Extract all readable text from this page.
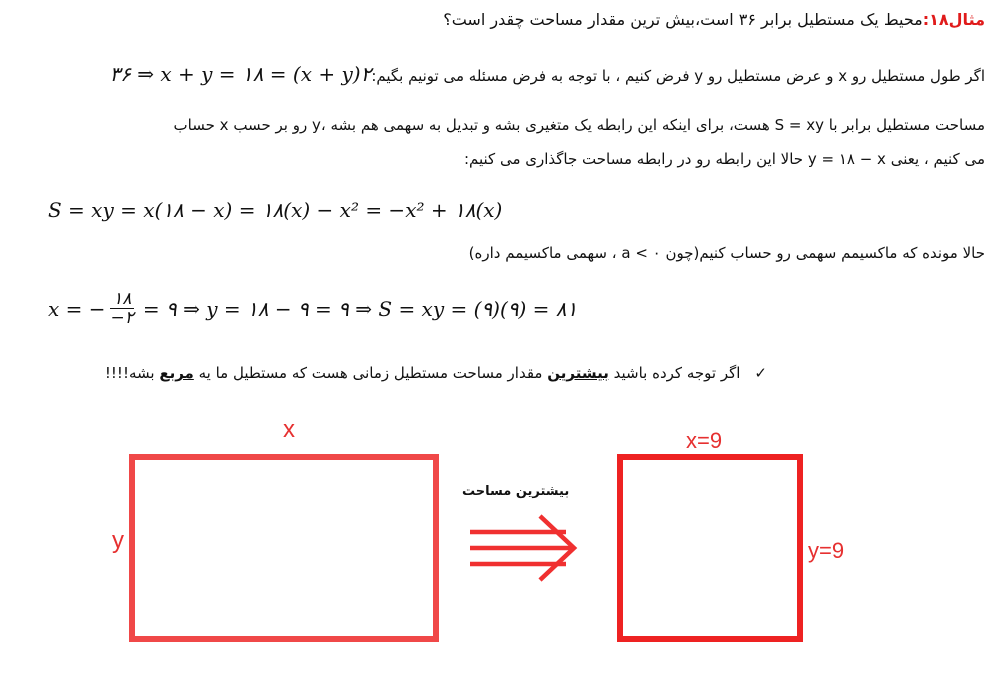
مثال۱۸:محیط یک مستطیل برابر ۳۶ است،بیش ترین مقدار مساحت چقدر است؟
اگر طول مستطیل رو x و عرض مستطیل رو y فرض کنیم ، با توجه به فرض مسئله می تونیم بگیم:۲(x + y) = ۳۶ ⇒ x + y = ۱۸
مساحت مستطیل برابر با S = xy هست، برای اینکه این رابطه یک متغیری بشه و تبدیل به سهمی هم بشه ،y رو بر حسب x حساب
می کنیم ، یعنی y = ۱۸ − x حالا این رابطه رو در رابطه مساحت جاگذاری می کنیم:
S = xy = x(۱۸ − x) = ۱۸(x) − x² = −x² + ۱۸(x)
حالا مونده که ماکسیمم سهمی رو حساب کنیم(چون a < ۰ ، سهمی ماکسیمم داره)
x = − $\frac{۱۸}{-۲}$ = ۹ ⇒ y = ۱۸ − ۹ = ۹ ⇒ S = xy = (۹)(۹) = ۸۱
✓اگر توجه کرده باشید بیشترین مقدار مساحت مستطیل زمانی هست که مستطیل ما یه مربع بشه!!!!
x
y
بیشترین مساحت
x=9
y=9
